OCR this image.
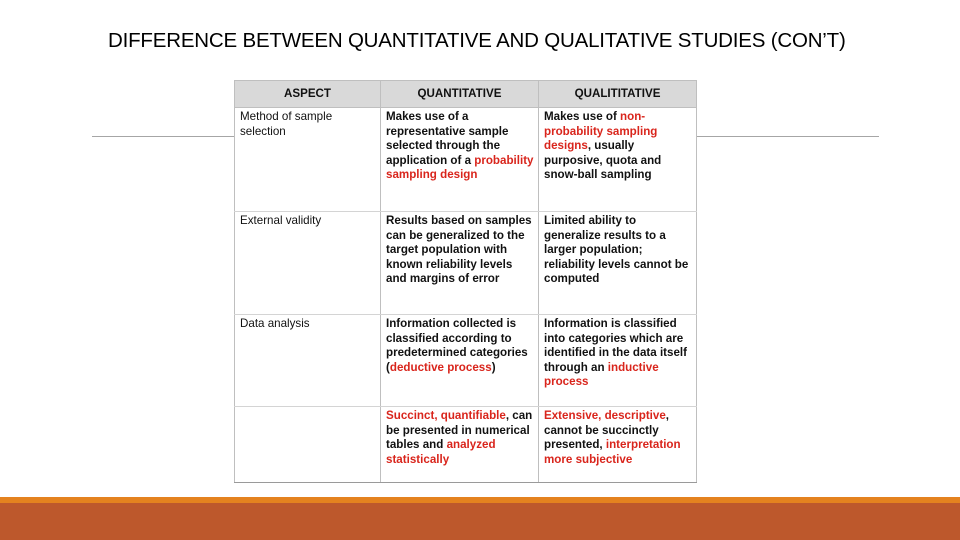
DIFFERENCE BETWEEN QUANTITATIVE AND QUALITATIVE STUDIES (CON’T)
ASPECT	QUANTITATIVE	QUALITITATIVE
Method of sample selection	Makes use of a representative sample selected through the application of a probability sampling design	Makes use of non-probability sampling designs, usually purposive, quota and snow-ball sampling
External validity	Results based on samples can be generalized to the target population with known reliability levels and margins of error	Limited ability to generalize results to a larger population; reliability levels cannot be computed
Data analysis	Information collected is classified according to predetermined categories (deductive process)	Information is classified into categories which are identified in the data itself through an inductive process
	Succinct, quantifiable, can be presented in numerical tables and analyzed statistically	Extensive, descriptive, cannot be succinctly presented, interpretation more subjective
